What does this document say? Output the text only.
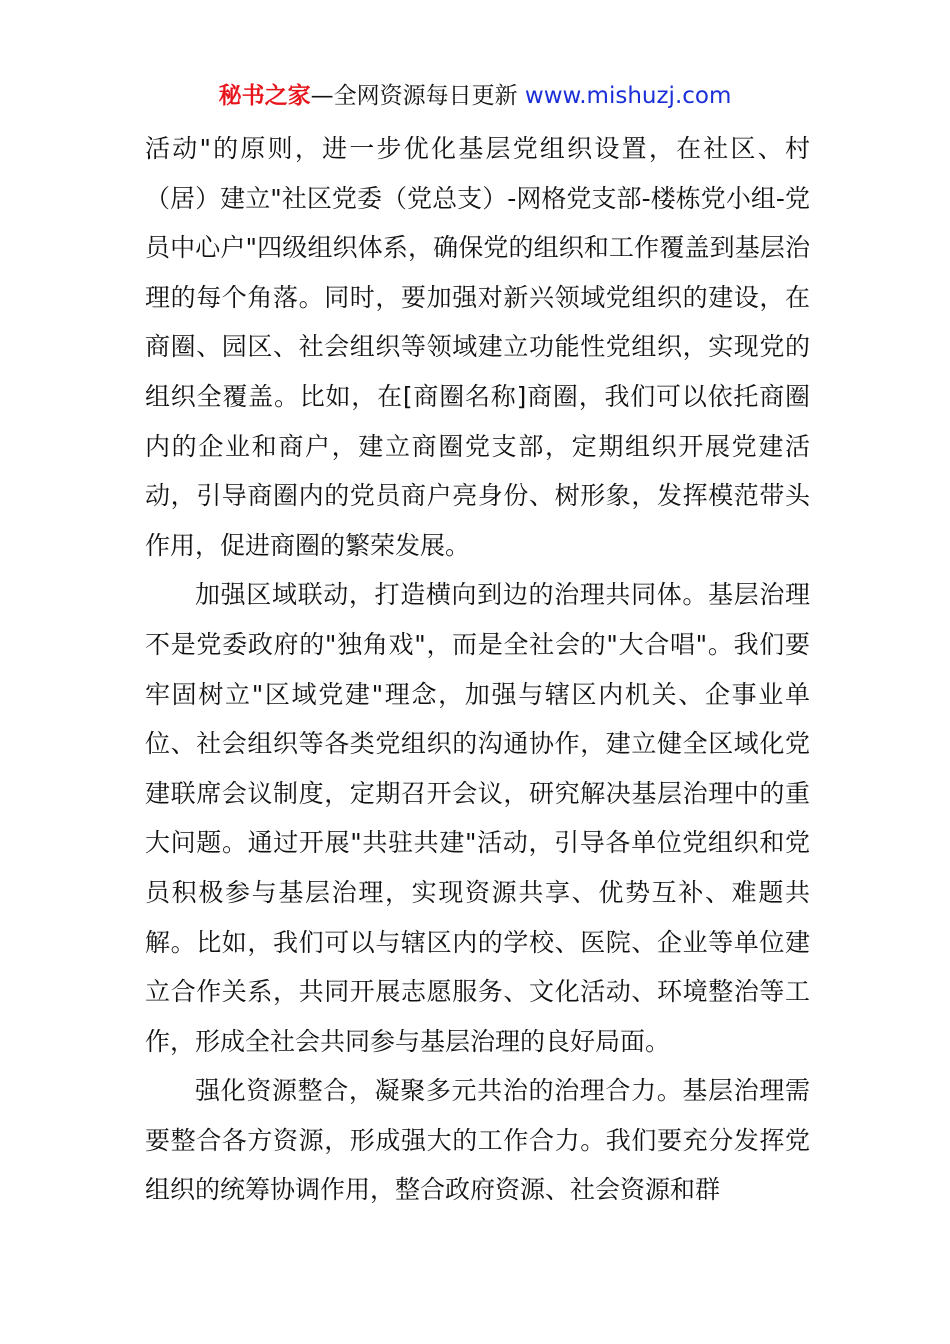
秘书之家—全网资源每日更新 www.mishuzj.com

活动"的原则，进一步优化基层党组织设置，在社区、村（居）建立"社区党委（党总支）-网格党支部-楼栋党小组-党员中心户"四级组织体系，确保党的组织和工作覆盖到基层治理的每个角落。同时，要加强对新兴领域党组织的建设，在商圈、园区、社会组织等领域建立功能性党组织，实现党的组织全覆盖。比如，在[商圈名称]商圈，我们可以依托商圈内的企业和商户，建立商圈党支部，定期组织开展党建活动，引导商圈内的党员商户亮身份、树形象，发挥模范带头作用，促进商圈的繁荣发展。

加强区域联动，打造横向到边的治理共同体。基层治理不是党委政府的"独角戏"，而是全社会的"大合唱"。我们要牢固树立"区域党建"理念，加强与辖区内机关、企事业单位、社会组织等各类党组织的沟通协作，建立健全区域化党建联席会议制度，定期召开会议，研究解决基层治理中的重大问题。通过开展"共驻共建"活动，引导各单位党组织和党员积极参与基层治理，实现资源共享、优势互补、难题共解。比如，我们可以与辖区内的学校、医院、企业等单位建立合作关系，共同开展志愿服务、文化活动、环境整治等工作，形成全社会共同参与基层治理的良好局面。

强化资源整合，凝聚多元共治的治理合力。基层治理需要整合各方资源，形成强大的工作合力。我们要充分发挥党组织的统筹协调作用，整合政府资源、社会资源和群
